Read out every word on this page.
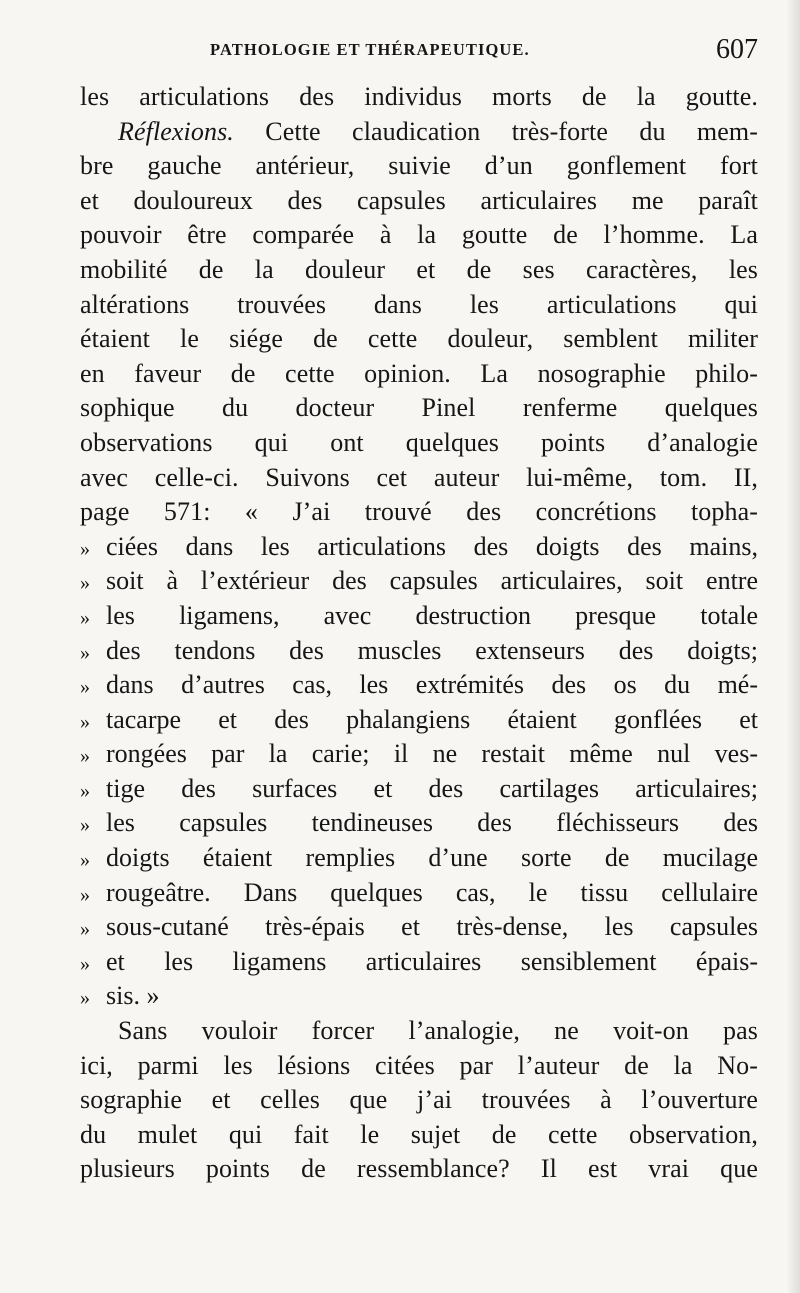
PATHOLOGIE ET THÉRAPEUTIQUE.	607
les articulations des individus morts de la goutte.
Réflexions. Cette claudication très-forte du mem-
bre gauche antérieur, suivie d’un gonflement fort
et douloureux des capsules articulaires me paraît
pouvoir être comparée à la goutte de l’homme. La
mobilité de la douleur et de ses caractères, les
altérations trouvées dans les articulations qui
étaient le siége de cette douleur, semblent militer
en faveur de cette opinion. La nosographie philo-
sophique du docteur Pinel renferme quelques
observations qui ont quelques points d’analogie
avec celle-ci. Suivons cet auteur lui-même, tom. II,
page 571: « J’ai trouvé des concrétions topha-
» ciées dans les articulations des doigts des mains,
» soit à l’extérieur des capsules articulaires, soit entre
» les ligamens, avec destruction presque totale
» des tendons des muscles extenseurs des doigts;
» dans d’autres cas, les extrémités des os du mé-
» tacarpe et des phalangiens étaient gonflées et
» rongées par la carie; il ne restait même nul ves-
» tige des surfaces et des cartilages articulaires;
» les capsules tendineuses des fléchisseurs des
» doigts étaient remplies d’une sorte de mucilage
» rougeâtre. Dans quelques cas, le tissu cellulaire
» sous-cutané très-épais et très-dense, les capsules
» et les ligamens articulaires sensiblement épais-
» sis. »
Sans vouloir forcer l’analogie, ne voit-on pas
ici, parmi les lésions citées par l’auteur de la No-
sographie et celles que j’ai trouvées à l’ouverture
du mulet qui fait le sujet de cette observation,
plusieurs points de ressemblance? Il est vrai que
